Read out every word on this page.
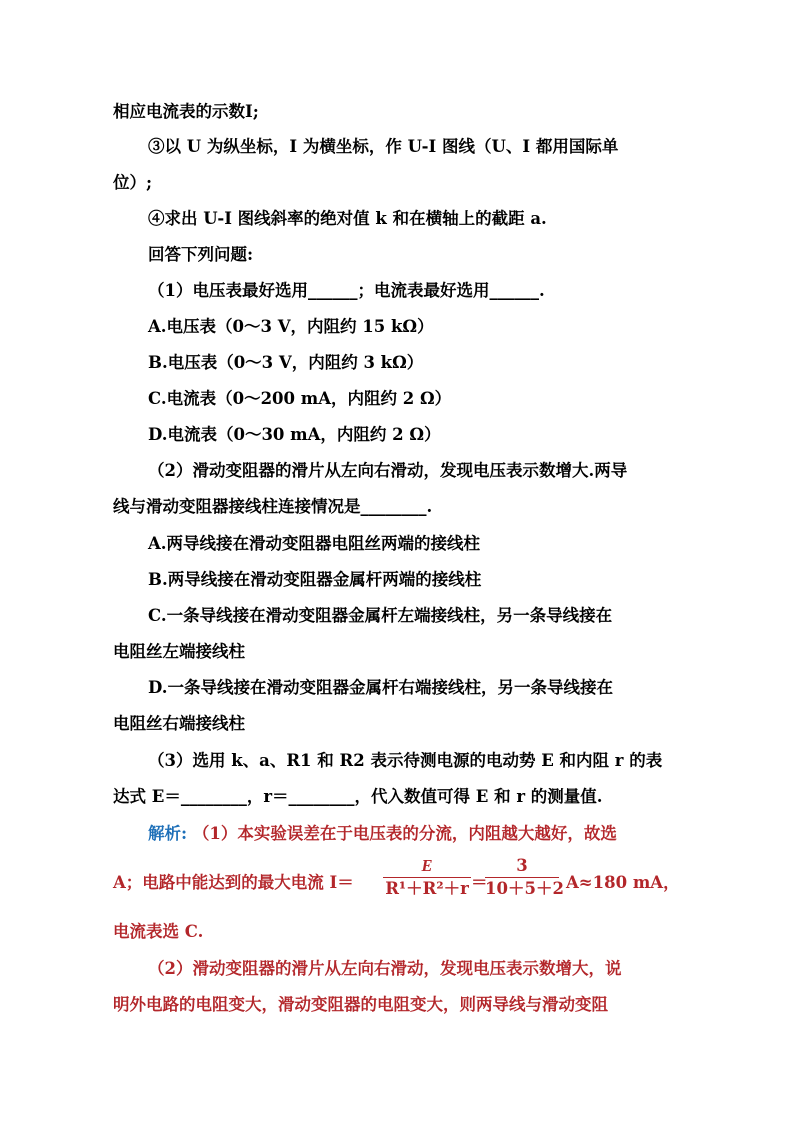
相应电流表的示数I;
③以 U 为纵坐标，I 为横坐标，作 U-I 图线（U、I 都用国际单
位）;
④求出 U-I 图线斜率的绝对值 k 和在横轴上的截距 a.
回答下列问题:
（1）电压表最好选用______；电流表最好选用______.
A.电压表（0～3 V，内阻约 15 kΩ）
B.电压表（0～3 V，内阻约 3 kΩ）
C.电流表（0～200 mA，内阻约 2 Ω）
D.电流表（0～30 mA，内阻约 2 Ω）
（2）滑动变阻器的滑片从左向右滑动，发现电压表示数增大.两导
线与滑动变阻器接线柱连接情况是________.
A.两导线接在滑动变阻器电阻丝两端的接线柱
B.两导线接在滑动变阻器金属杆两端的接线柱
C.一条导线接在滑动变阻器金属杆左端接线柱，另一条导线接在
电阻丝左端接线柱
D.一条导线接在滑动变阻器金属杆右端接线柱，另一条导线接在
电阻丝右端接线柱
（3）选用 k、a、R1 和 R2 表示待测电源的电动势 E 和内阻 r 的表
达式 E＝________，r＝________，代入数值可得 E 和 r 的测量值.
解析: （1）本实验误差在于电压表的分流，内阻越大越好，故选
A；电路中能达到的最大电流 I＝
E
R¹＋R²＋r ＝
3
10＋5＋2 A≈180 mA，
电流表选 C.
（2）滑动变阻器的滑片从左向右滑动，发现电压表示数增大，说
明外电路的电阻变大，滑动变阻器的电阻变大，则两导线与滑动变阻
